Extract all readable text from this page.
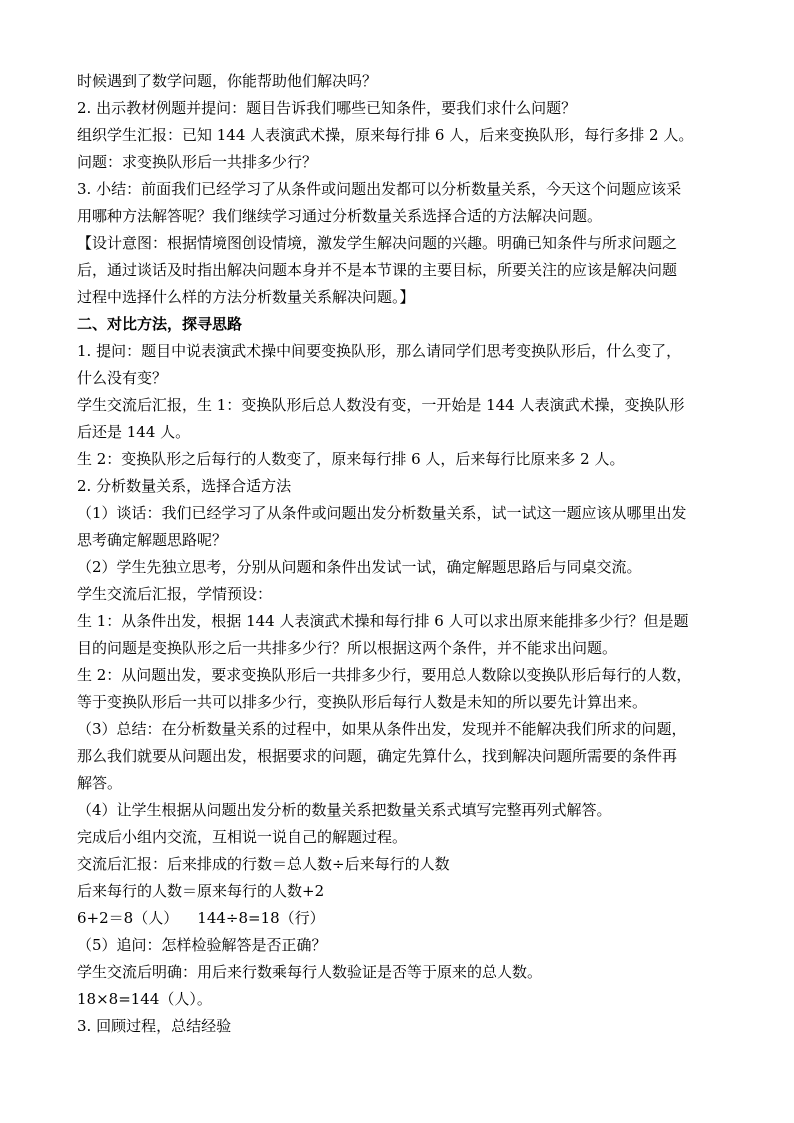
时候遇到了数学问题，你能帮助他们解决吗？
2. 出示教材例题并提问：题目告诉我们哪些已知条件，要我们求什么问题？
组织学生汇报：已知 144 人表演武术操，原来每行排 6 人，后来变换队形，每行多排 2 人。
问题：求变换队形后一共排多少行？
3. 小结：前面我们已经学习了从条件或问题出发都可以分析数量关系，今天这个问题应该采
用哪种方法解答呢？我们继续学习通过分析数量关系选择合适的方法解决问题。
【设计意图：根据情境图创设情境，激发学生解决问题的兴趣。明确已知条件与所求问题之
后，通过谈话及时指出解决问题本身并不是本节课的主要目标，所要关注的应该是解决问题
过程中选择什么样的方法分析数量关系解决问题。】
二、对比方法，探寻思路
1. 提问：题目中说表演武术操中间要变换队形，那么请同学们思考变换队形后，什么变了，
什么没有变？
学生交流后汇报，生 1：变换队形后总人数没有变，一开始是 144 人表演武术操，变换队形
后还是 144 人。
生 2：变换队形之后每行的人数变了，原来每行排 6 人，后来每行比原来多 2 人。
2. 分析数量关系，选择合适方法
（1）谈话：我们已经学习了从条件或问题出发分析数量关系，试一试这一题应该从哪里出发
思考确定解题思路呢？
（2）学生先独立思考，分别从问题和条件出发试一试，确定解题思路后与同桌交流。
学生交流后汇报，学情预设：
生 1：从条件出发，根据 144 人表演武术操和每行排 6 人可以求出原来能排多少行？但是题
目的问题是变换队形之后一共排多少行？所以根据这两个条件，并不能求出问题。
生 2：从问题出发，要求变换队形后一共排多少行，要用总人数除以变换队形后每行的人数，
等于变换队形后一共可以排多少行，变换队形后每行人数是未知的所以要先计算出来。
（3）总结：在分析数量关系的过程中，如果从条件出发，发现并不能解决我们所求的问题，
那么我们就要从问题出发，根据要求的问题，确定先算什么，找到解决问题所需要的条件再
解答。
（4）让学生根据从问题出发分析的数量关系把数量关系式填写完整再列式解答。
完成后小组内交流，互相说一说自己的解题过程。
交流后汇报：后来排成的行数＝总人数÷后来每行的人数
后来每行的人数＝原来每行的人数+2
6+2＝8（人）    144÷8=18（行）
（5）追问：怎样检验解答是否正确？
学生交流后明确：用后来行数乘每行人数验证是否等于原来的总人数。
18×8=144（人）。
3. 回顾过程，总结经验
